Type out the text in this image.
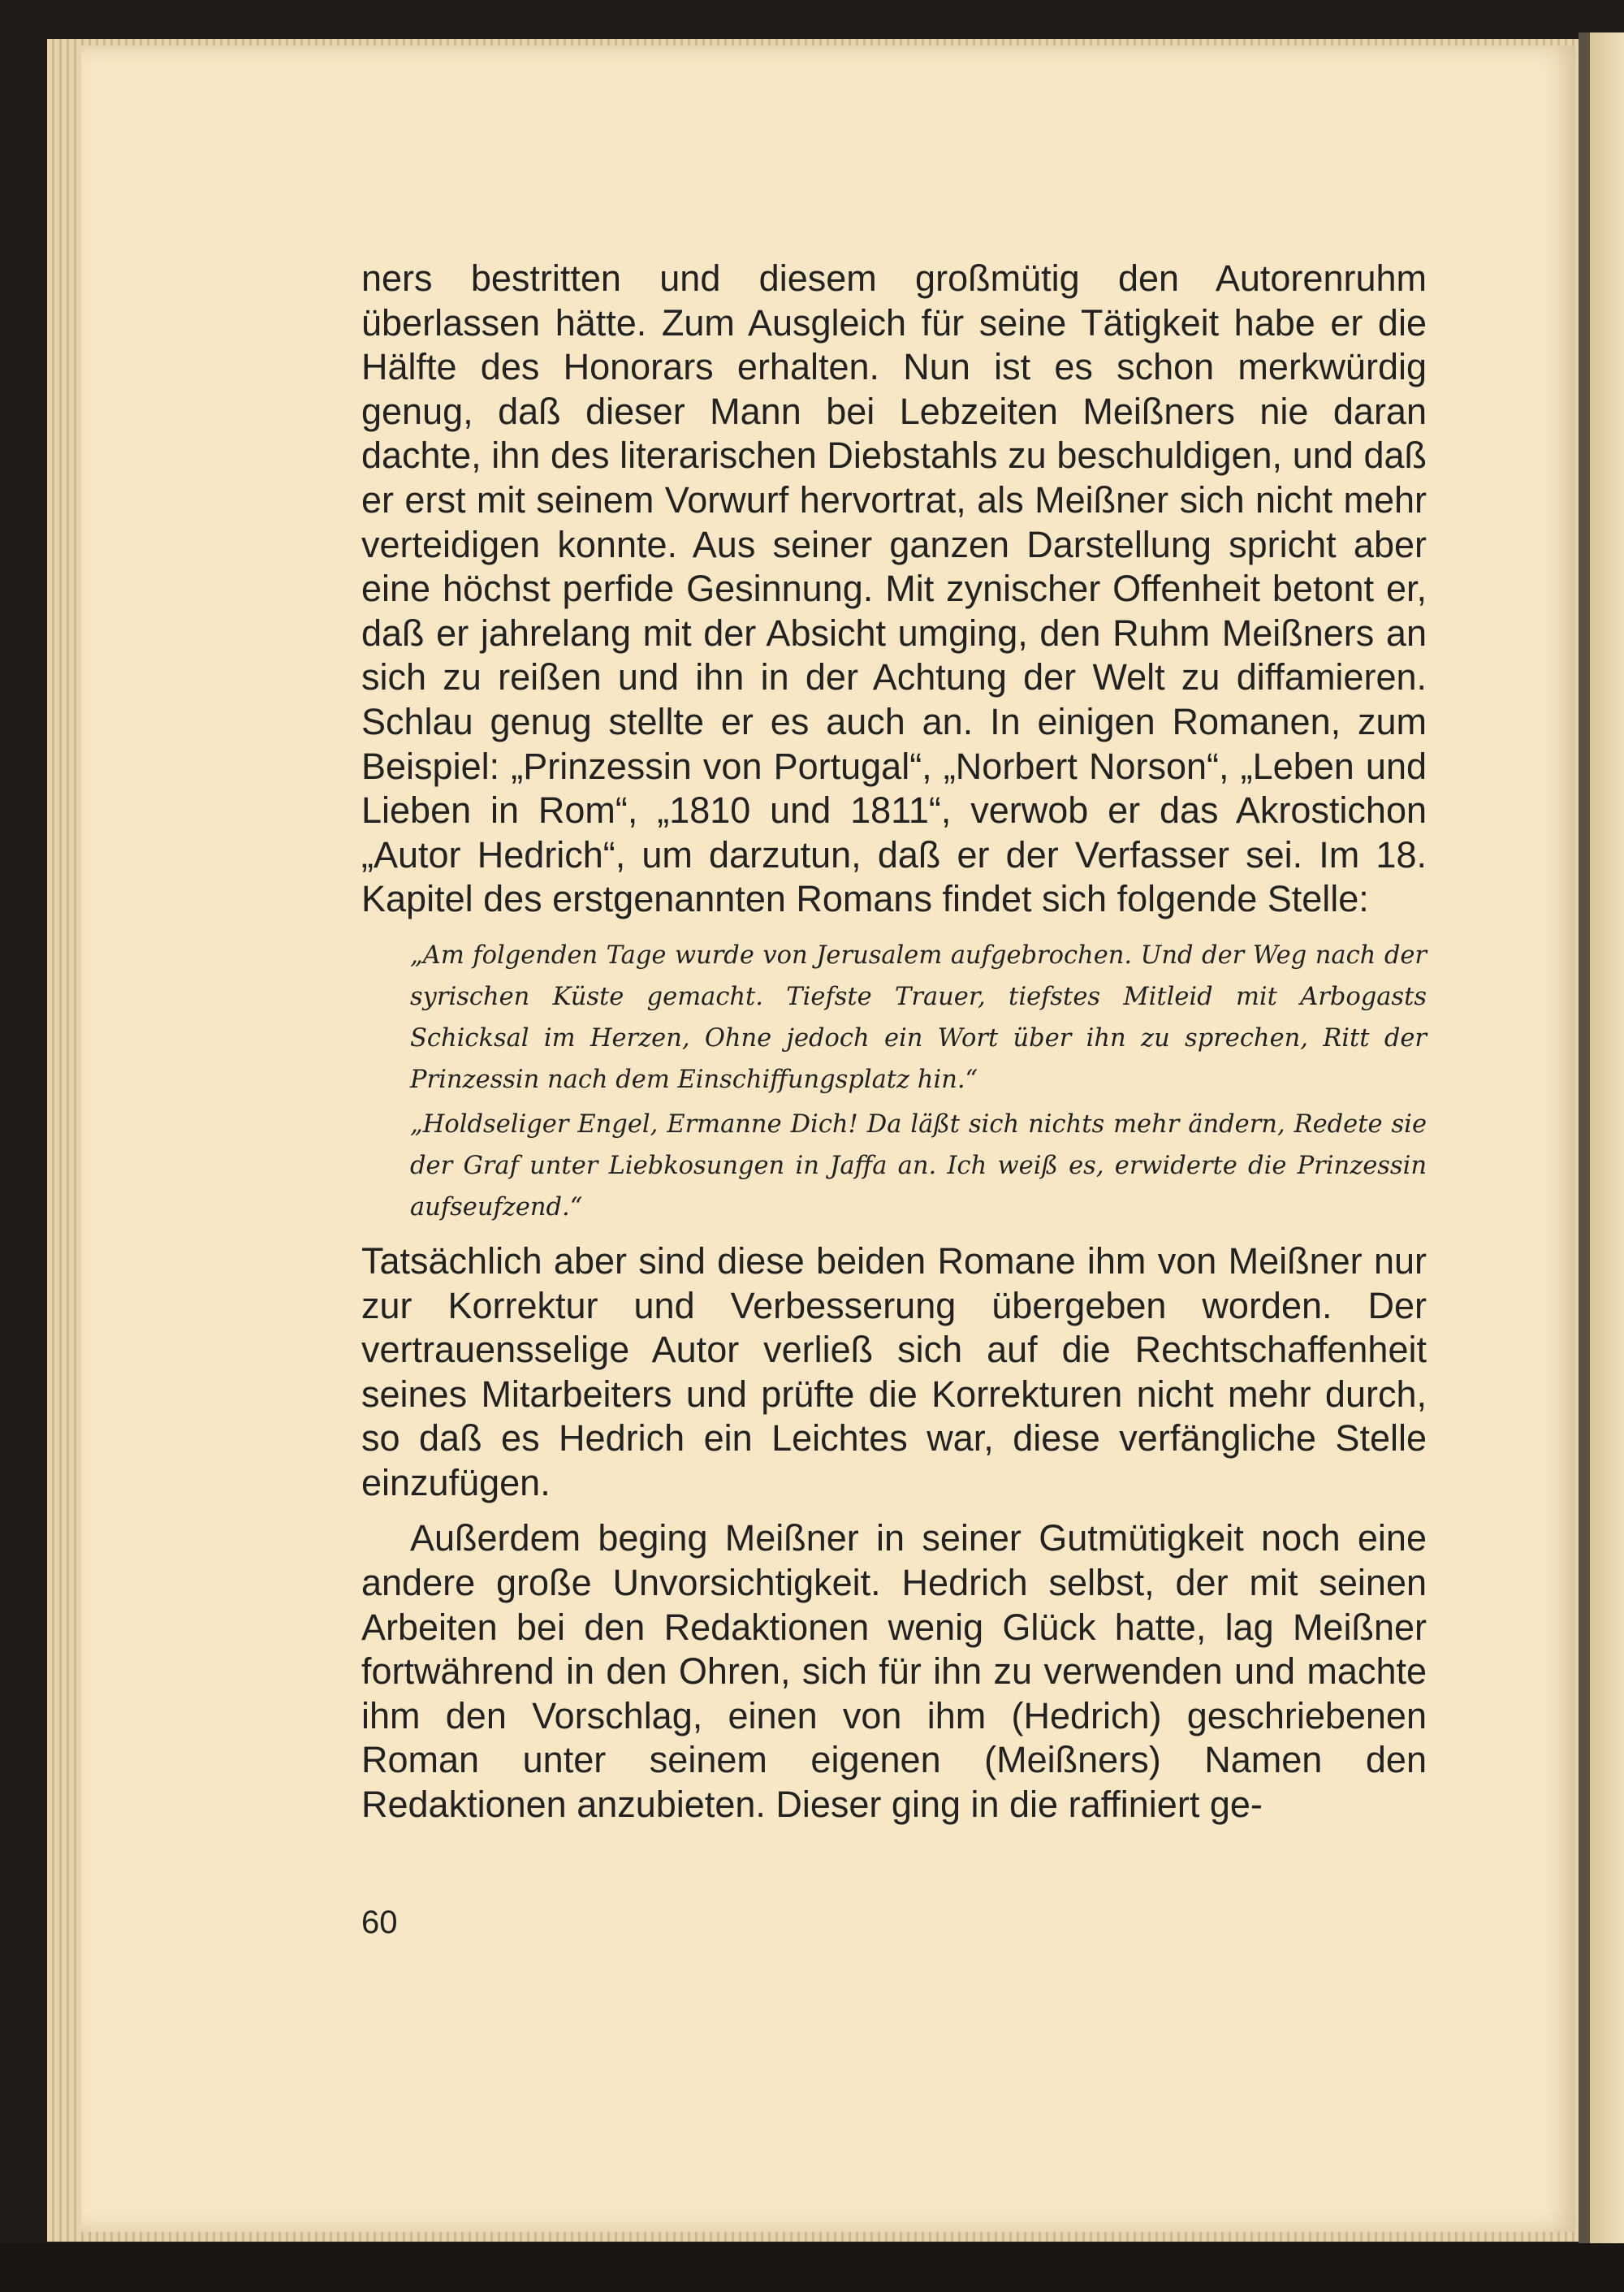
ners bestritten und diesem großmütig den Autorenruhm überlassen hätte. Zum Ausgleich für seine Tätigkeit habe er die Hälfte des Honorars erhalten. Nun ist es schon merkwürdig genug, daß dieser Mann bei Lebzeiten Meißners nie daran dachte, ihn des literarischen Diebstahls zu beschuldigen, und daß er erst mit seinem Vorwurf hervortrat, als Meißner sich nicht mehr verteidigen konnte. Aus seiner ganzen Darstellung spricht aber eine höchst perfide Gesinnung. Mit zynischer Offenheit betont er, daß er jahrelang mit der Absicht umging, den Ruhm Meißners an sich zu reißen und ihn in der Achtung der Welt zu diffamieren. Schlau genug stellte er es auch an. In einigen Romanen, zum Beispiel: „Prinzessin von Portugal“, „Norbert Norson“, „Leben und Lieben in Rom“, „1810 und 1811“, verwob er das Akrostichon „Autor Hedrich“, um darzutun, daß er der Verfasser sei. Im 18. Kapitel des erstgenannten Romans findet sich folgende Stelle:

„Am folgenden Tage wurde von Jerusalem aufgebrochen. Und der Weg nach der syrischen Küste gemacht. Tiefste Trauer, tiefstes Mitleid mit Arbogasts Schicksal im Herzen, Ohne jedoch ein Wort über ihn zu sprechen, Ritt der Prinzessin nach dem Einschiffungsplatz hin.“

„Holdseliger Engel, Ermanne Dich! Da läßt sich nichts mehr ändern, Redete sie der Graf unter Liebkosungen in Jaffa an. Ich weiß es, erwiderte die Prinzessin aufseufzend.“

Tatsächlich aber sind diese beiden Romane ihm von Meißner nur zur Korrektur und Verbesserung übergeben worden. Der vertrauensselige Autor verließ sich auf die Rechtschaffenheit seines Mitarbeiters und prüfte die Korrekturen nicht mehr durch, so daß es Hedrich ein Leichtes war, diese verfängliche Stelle einzufügen.

Außerdem beging Meißner in seiner Gutmütigkeit noch eine andere große Unvorsichtigkeit. Hedrich selbst, der mit seinen Arbeiten bei den Redaktionen wenig Glück hatte, lag Meißner fortwährend in den Ohren, sich für ihn zu verwenden und machte ihm den Vorschlag, einen von ihm (Hedrich) geschriebenen Roman unter seinem eigenen (Meißners) Namen den Redaktionen anzubieten. Dieser ging in die raffiniert ge-

60
